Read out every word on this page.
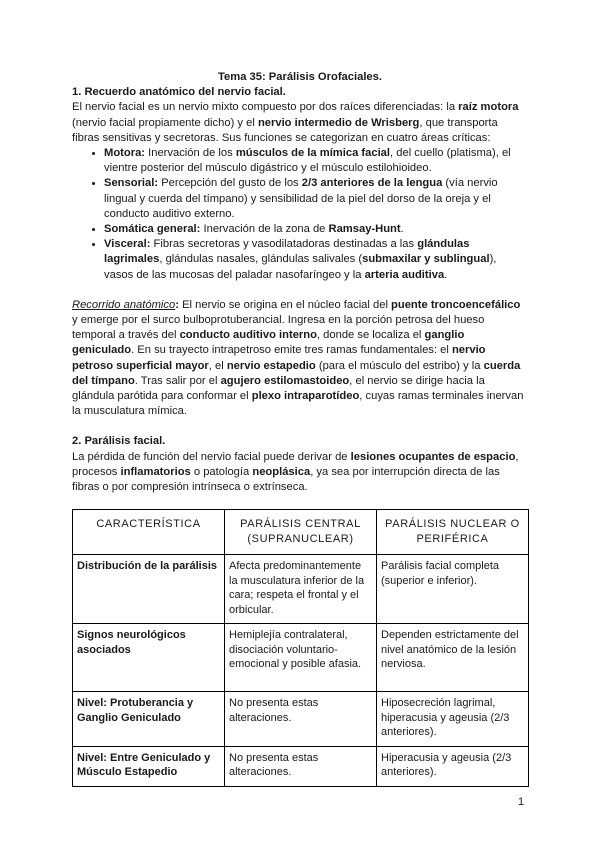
Tema 35: Parálisis Orofaciales.

1. Recuerdo anatómico del nervio facial.

El nervio facial es un nervio mixto compuesto por dos raíces diferenciadas: la raíz motora (nervio facial propiamente dicho) y el nervio intermedio de Wrisberg, que transporta fibras sensitivas y secretoras. Sus funciones se categorizan en cuatro áreas críticas:

• Motora: Inervación de los músculos de la mímica facial, del cuello (platisma), el vientre posterior del músculo digástrico y el músculo estilohioideo.
• Sensorial: Percepción del gusto de los 2/3 anteriores de la lengua (vía nervio lingual y cuerda del tímpano) y sensibilidad de la piel del dorso de la oreja y el conducto auditivo externo.
• Somática general: Inervación de la zona de Ramsay-Hunt.
• Visceral: Fibras secretoras y vasodilatadoras destinadas a las glándulas lagrimales, glándulas nasales, glándulas salivales (submaxilar y sublingual), vasos de las mucosas del paladar nasofaríngeo y la arteria auditiva.

Recorrido anatómico: El nervio se origina en el núcleo facial del puente troncoencefálico y emerge por el surco bulboprotuberancial. Ingresa en la porción petrosa del hueso temporal a través del conducto auditivo interno, donde se localiza el ganglio geniculado. En su trayecto intrapetroso emite tres ramas fundamentales: el nervio petroso superficial mayor, el nervio estapedio (para el músculo del estribo) y la cuerda del tímpano. Tras salir por el agujero estilomastoideo, el nervio se dirige hacia la glándula parótida para conformar el plexo intraparotídeo, cuyas ramas terminales inervan la musculatura mímica.

2. Parálisis facial.

La pérdida de función del nervio facial puede derivar de lesiones ocupantes de espacio, procesos inflamatorios o patología neoplásica, ya sea por interrupción directa de las fibras o por compresión intrínseca o extrínseca.

CARACTERÍSTICA	PARÁLISIS CENTRAL (SUPRANUCLEAR)	PARÁLISIS NUCLEAR O PERIFÉRICA
Distribución de la parálisis	Afecta predominantemente la musculatura inferior de la cara; respeta el frontal y el orbicular.	Parálisis facial completa (superior e inferior).
Signos neurológicos asociados	Hemiplejía contralateral, disociación voluntario-emocional y posible afasia.	Dependen estrictamente del nivel anatómico de la lesión nerviosa.
Nivel: Protuberancia y Ganglio Geniculado	No presenta estas alteraciones.	Hiposecreción lagrimal, hiperacusia y ageusia (2/3 anteriores).
Nivel: Entre Geniculado y Músculo Estapedio	No presenta estas alteraciones.	Hiperacusia y ageusia (2/3 anteriores).
1
